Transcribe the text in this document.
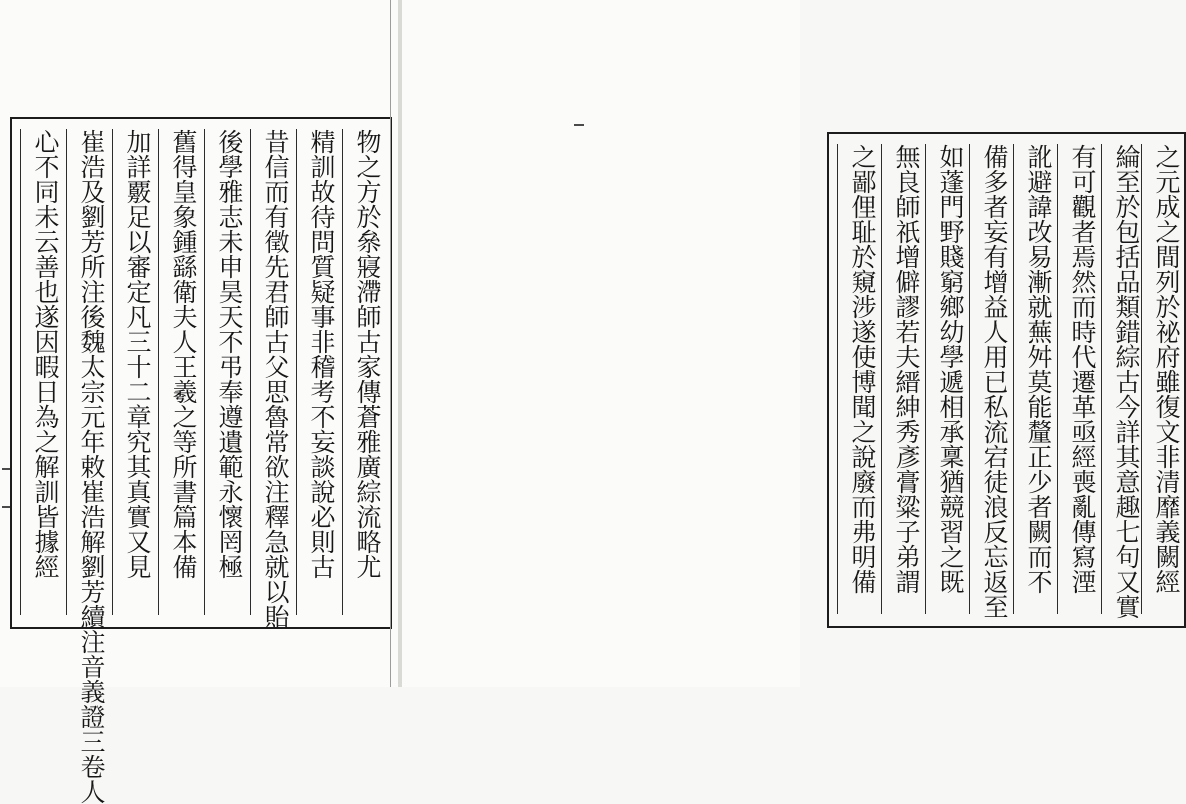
物之方於㕘寢滯師古家傳蒼雅廣綜流略尤
精訓故待問質疑事非稽考不妄談說必則古
昔信而有徵先君師古父思魯常欲注釋急就以貽
後學雅志未申昊天不弔奉遵遺範永懷罔極
舊得皇象鍾繇衛夫人王羲之等所書篇本備
加詳覈足以審定凡三十二章究其真實又見
崔浩及劉芳所注後魏太宗元年敕崔浩解劉芳續注音義證三卷人
心不同未云善也遂因暇日為之解訓皆據經	之元成之間列於祕府雖復文非清靡義闕經
綸至於包括品類錯綜古今詳其意趣七句又實
有可觀者焉然而時代遷革亟經喪亂傳寫湮
訛避諱改易漸就蕪舛莫能釐正少者闕而不
備多者妄有增益人用已私流宕徒浪反忘返至
如蓬門野賤窮鄉幼學遞相承稟猶競習之既
無良師祇增僻謬若夫縉紳秀彥膏粱子弟謂
之鄙俚耻於窺涉遂使博聞之說廢而弗明備
